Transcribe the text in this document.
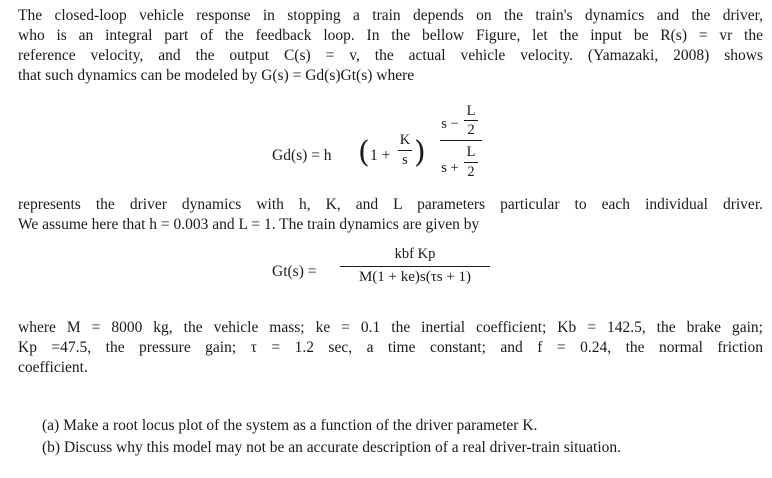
The closed-loop vehicle response in stopping a train depends on the train's dynamics and the driver,
who is an integral part of the feedback loop. In the bellow Figure, let the input be R(s) = vr the
reference velocity, and the output C(s) = v, the actual vehicle velocity. (Yamazaki, 2008) shows
that such dynamics can be modeled by G(s) = Gd(s)Gt(s) where
Gd(s) = h ( 1 +
K
s )
s −
L
2
s +
L
2
represents the driver dynamics with h, K, and L parameters particular to each individual driver.
We assume here that h = 0.003 and L = 1. The train dynamics are given by
Gt(s) =
kbf Kp
M(1 + ke)s(τs + 1)
where M = 8000 kg, the vehicle mass; ke = 0.1 the inertial coefficient; Kb = 142.5, the brake gain;
Kp =47.5, the pressure gain; τ = 1.2 sec, a time constant; and f = 0.24, the normal friction
coefficient.
(a) Make a root locus plot of the system as a function of the driver parameter K.
(b) Discuss why this model may not be an accurate description of a real driver-train situation.
